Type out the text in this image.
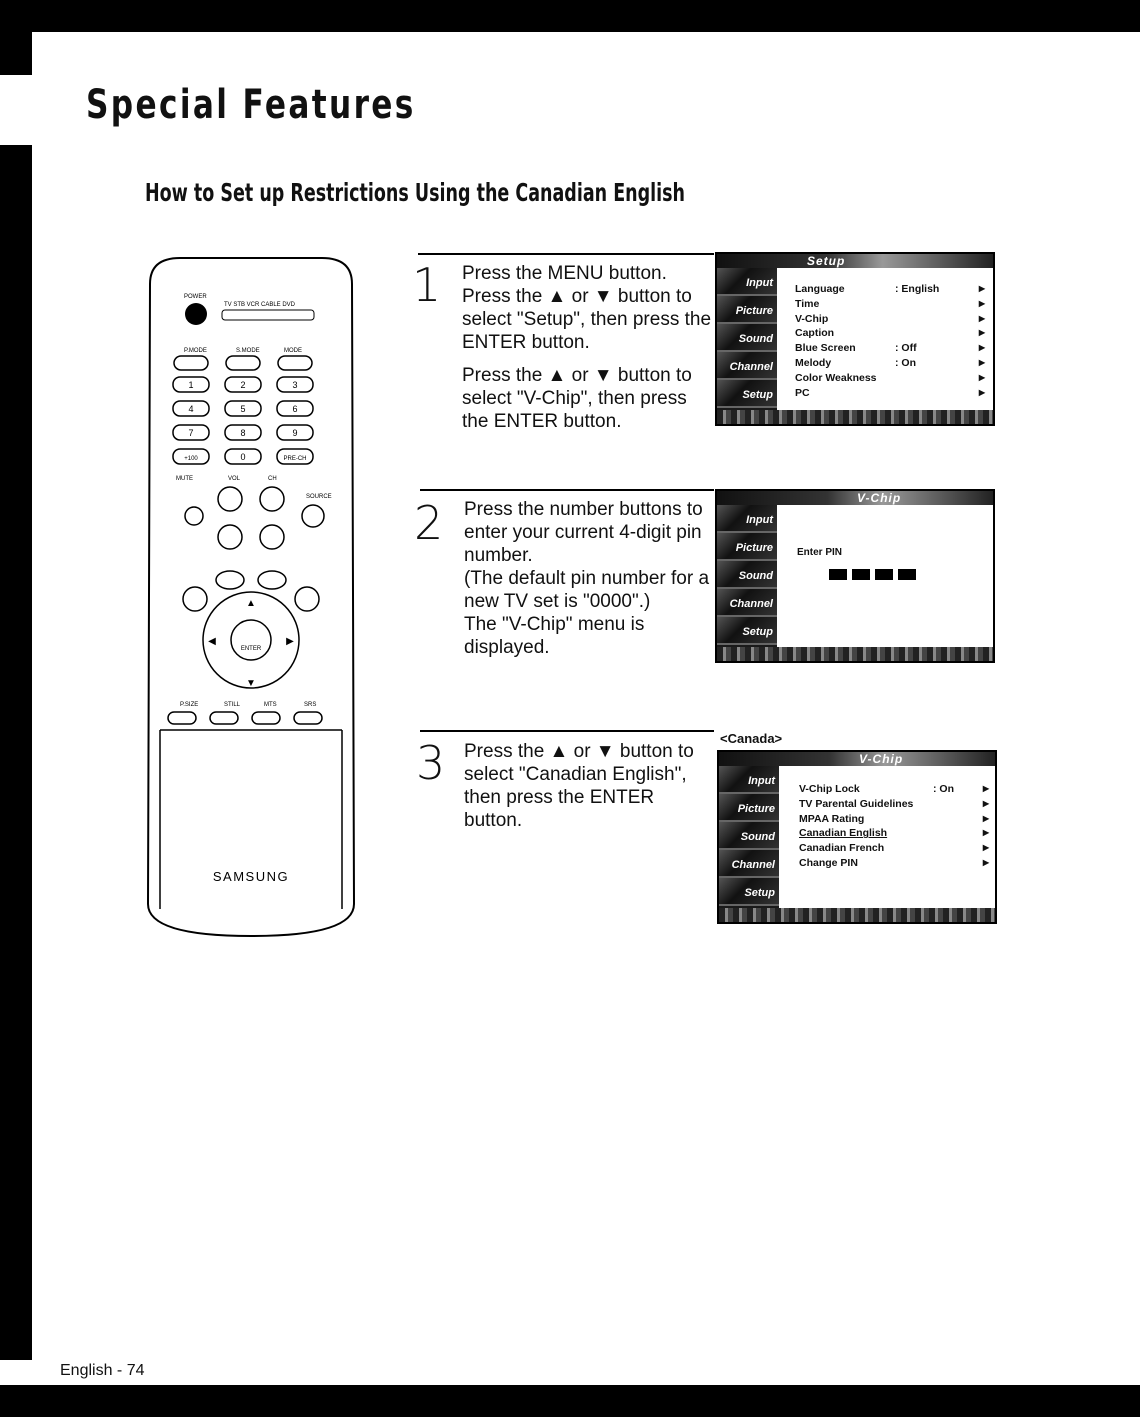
Special Features
How to Set up Restrictions Using the Canadian English
POWER
TV STB VCR CABLE DVD
P.MODE	S.MODE	MODE
1	2	3
4	5	6
7	8	9
+100	0	PRE-CH
MUTE	VOL	CH
SOURCE
ENTER
▲
▼
◀	▶
P.SIZE	STILL	MTS	SRS
SAMSUNG
1 Press the MENU button. Press the ▲ or ▼ button to select "Setup", then press the ENTER button.

Press the ▲ or ▼ button to select "V-Chip", then press the ENTER button.

Setup
Input
Picture
Sound
Channel
Setup
Language	: English	▶
Time	▶
V-Chip	▶
Caption	▶
Blue Screen	: Off	▶
Melody	: On	▶
Color Weakness	▶
PC	▶
2 Press the number buttons to enter your current 4-digit pin number.

(The default pin number for a new TV set is "0000".)

The "V-Chip" menu is displayed.

V-Chip
Input
Picture
Sound
Channel
Setup
Enter PIN
3 Press the ▲ or ▼ button to select "Canadian English", then press the ENTER button.

<Canada>
V-Chip
Input
Picture
Sound
Channel
Setup
V-Chip Lock	: On	▶
TV Parental Guidelines	▶
MPAA Rating	▶
Canadian English	▶
Canadian French	▶
Change PIN	▶
English - 74
